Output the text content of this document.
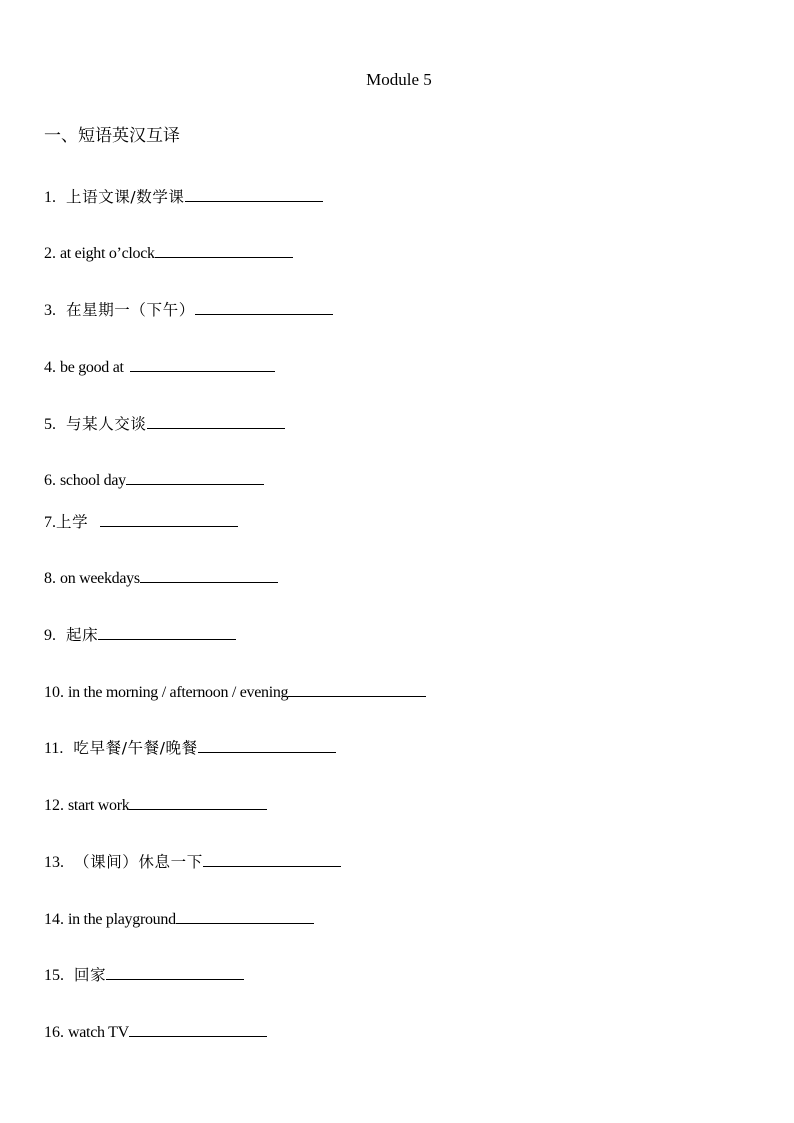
Module 5
一、短语英汉互译
1. 上语文课/数学课
2. at eight o’clock
3. 在星期一（下午）
4. be good at
5. 与某人交谈
6. school day
7.上学
8. on weekdays
9. 起床
10. in the morning / afternoon / evening
11. 吃早餐/午餐/晚餐
12. start work
13. （课间）休息一下
14. in the playground
15. 回家
16. watch TV
